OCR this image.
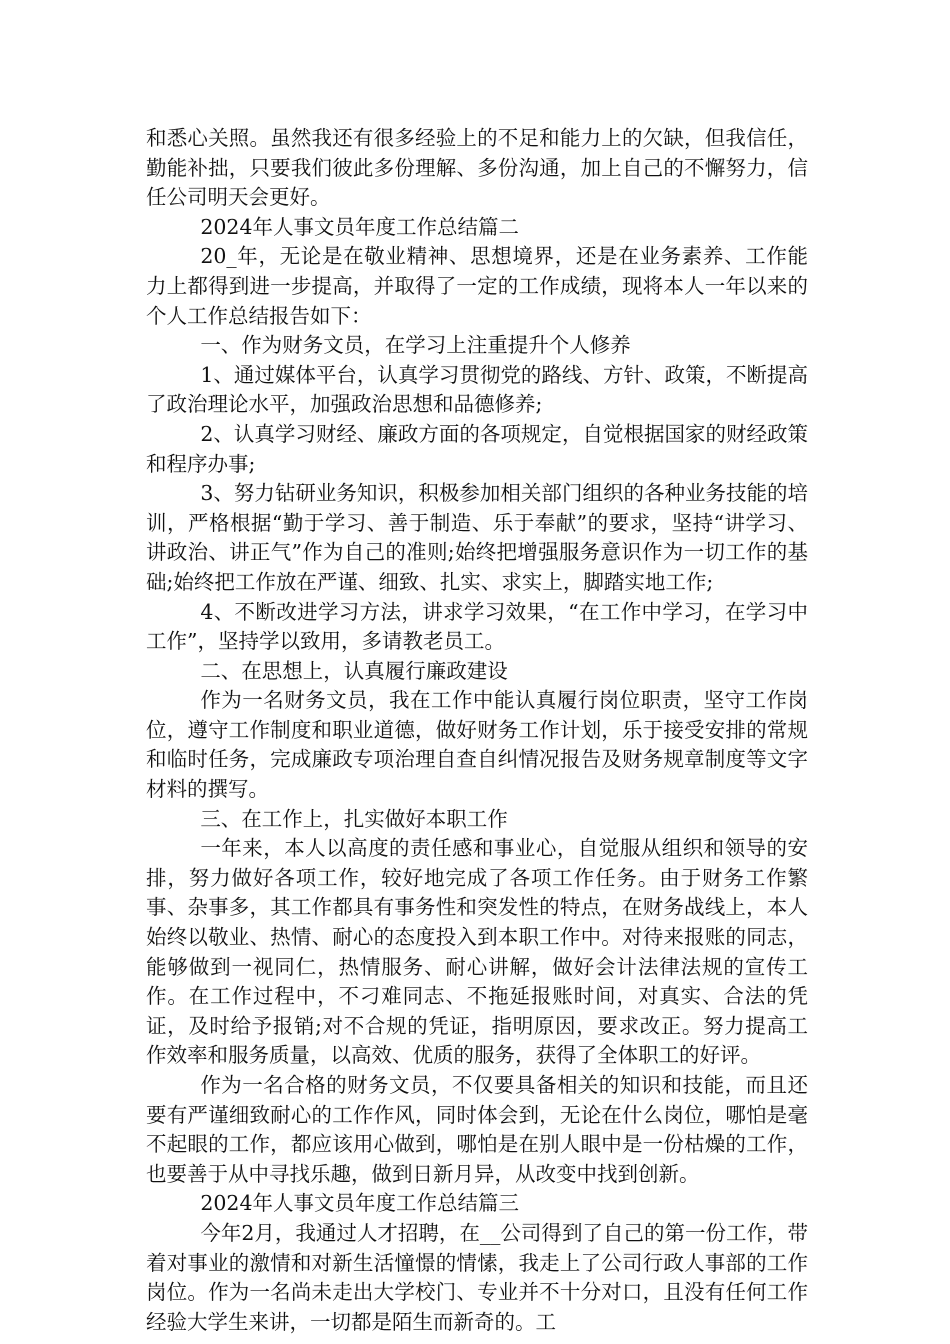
和悉心关照。虽然我还有很多经验上的不足和能力上的欠缺，但我信任，勤能补拙，只要我们彼此多份理解、多份沟通，加上自己的不懈努力，信任公司明天会更好。

2024年人事文员年度工作总结篇二

20_年，无论是在敬业精神、思想境界，还是在业务素养、工作能力上都得到进一步提高，并取得了一定的工作成绩，现将本人一年以来的个人工作总结报告如下：

一、作为财务文员，在学习上注重提升个人修养

1、通过媒体平台，认真学习贯彻党的路线、方针、政策，不断提高了政治理论水平，加强政治思想和品德修养;

2、认真学习财经、廉政方面的各项规定，自觉根据国家的财经政策和程序办事;

3、努力钻研业务知识，积极参加相关部门组织的各种业务技能的培训，严格根据“勤于学习、善于制造、乐于奉献”的要求，坚持“讲学习、讲政治、讲正气”作为自己的准则;始终把增强服务意识作为一切工作的基础;始终把工作放在严谨、细致、扎实、求实上，脚踏实地工作;

4、不断改进学习方法，讲求学习效果，“在工作中学习，在学习中工作”，坚持学以致用，多请教老员工。

二、在思想上，认真履行廉政建设

作为一名财务文员，我在工作中能认真履行岗位职责，坚守工作岗位，遵守工作制度和职业道德，做好财务工作计划，乐于接受安排的常规和临时任务，完成廉政专项治理自查自纠情况报告及财务规章制度等文字材料的撰写。

三、在工作上，扎实做好本职工作

一年来，本人以高度的责任感和事业心，自觉服从组织和领导的安排，努力做好各项工作，较好地完成了各项工作任务。由于财务工作繁事、杂事多，其工作都具有事务性和突发性的特点，在财务战线上，本人始终以敬业、热情、耐心的态度投入到本职工作中。对待来报账的同志，能够做到一视同仁，热情服务、耐心讲解，做好会计法律法规的宣传工作。在工作过程中，不刁难同志、不拖延报账时间，对真实、合法的凭证，及时给予报销;对不合规的凭证，指明原因，要求改正。努力提高工作效率和服务质量，以高效、优质的服务，获得了全体职工的好评。

作为一名合格的财务文员，不仅要具备相关的知识和技能，而且还要有严谨细致耐心的工作作风，同时体会到，无论在什么岗位，哪怕是毫不起眼的工作，都应该用心做到，哪怕是在别人眼中是一份枯燥的工作，也要善于从中寻找乐趣，做到日新月异，从改变中找到创新。

2024年人事文员年度工作总结篇三

今年2月，我通过人才招聘，在__公司得到了自己的第一份工作，带着对事业的激情和对新生活憧憬的情愫，我走上了公司行政人事部的工作岗位。作为一名尚未走出大学校门、专业并不十分对口，且没有任何工作经验大学生来讲，一切都是陌生而新奇的。工
